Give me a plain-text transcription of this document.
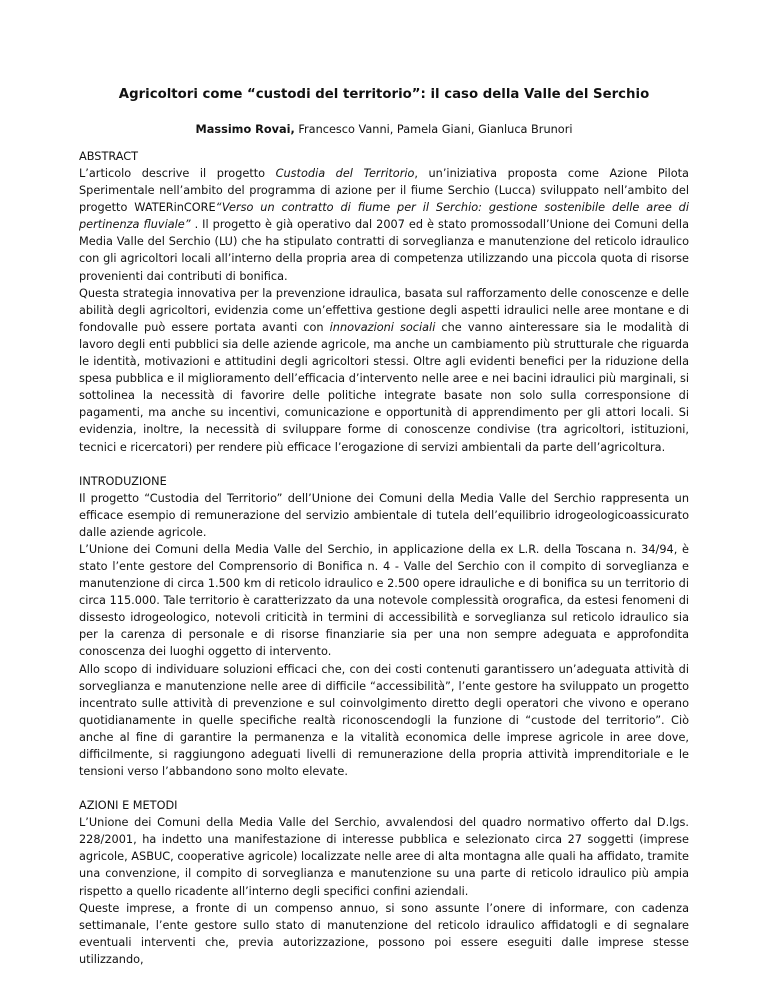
Agricoltori come “custodi del territorio”: il caso della Valle del Serchio

Massimo Rovai, Francesco Vanni, Pamela Giani, Gianluca Brunori

ABSTRACT

L’articolo descrive il progetto Custodia del Territorio, un’iniziativa proposta come Azione Pilota Sperimentale nell’ambito del programma di azione per il fiume Serchio (Lucca) sviluppato nell’ambito del progetto WATERinCORE“Verso un contratto di fiume per il Serchio: gestione sostenibile delle aree di pertinenza fluviale” . Il progetto è già operativo dal 2007 ed è stato promossodall’Unione dei Comuni della Media Valle del Serchio (LU) che ha stipulato contratti di sorveglianza e manutenzione del reticolo idraulico con gli agricoltori locali all’interno della propria area di competenza utilizzando una piccola quota di risorse provenienti dai contributi di bonifica.

Questa strategia innovativa per la prevenzione idraulica, basata sul rafforzamento delle conoscenze e delle abilità degli agricoltori, evidenzia come un’effettiva gestione degli aspetti idraulici nelle aree montane e di fondovalle può essere portata avanti con innovazioni sociali che vanno ainteressare sia le modalità di lavoro degli enti pubblici sia delle aziende agricole, ma anche un cambiamento più strutturale che riguarda le identità, motivazioni e attitudini degli agricoltori stessi. Oltre agli evidenti benefici per la riduzione della spesa pubblica e il miglioramento dell’efficacia d’intervento nelle aree e nei bacini idraulici più marginali, si sottolinea la necessità di favorire delle politiche integrate basate non solo sulla corresponsione di pagamenti, ma anche su incentivi, comunicazione e opportunità di apprendimento per gli attori locali. Si evidenzia, inoltre, la necessità di sviluppare forme di conoscenze condivise (tra agricoltori, istituzioni, tecnici e ricercatori) per rendere più efficace l’erogazione di servizi ambientali da parte dell’agricoltura.

INTRODUZIONE

Il progetto “Custodia del Territorio” dell’Unione dei Comuni della Media Valle del Serchio rappresenta un efficace esempio di remunerazione del servizio ambientale di tutela dell’equilibrio idrogeologicoassicurato dalle aziende agricole.

L’Unione dei Comuni della Media Valle del Serchio, in applicazione della ex L.R. della Toscana n. 34/94, è stato l’ente gestore del Comprensorio di Bonifica n. 4 - Valle del Serchio con il compito di sorveglianza e manutenzione di circa 1.500 km di reticolo idraulico e 2.500 opere idrauliche e di bonifica su un territorio di circa 115.000. Tale territorio è caratterizzato da una notevole complessità orografica, da estesi fenomeni di dissesto idrogeologico, notevoli criticità in termini di accessibilità e sorveglianza sul reticolo idraulico sia per la carenza di personale e di risorse finanziarie sia per una non sempre adeguata e approfondita conoscenza dei luoghi oggetto di intervento.

Allo scopo di individuare soluzioni efficaci che, con dei costi contenuti garantissero un’adeguata attività di sorveglianza e manutenzione nelle aree di difficile “accessibilità”, l’ente gestore ha sviluppato un progetto incentrato sulle attività di prevenzione e sul coinvolgimento diretto degli operatori che vivono e operano quotidianamente in quelle specifiche realtà riconoscendogli la funzione di “custode del territorio”. Ciò anche al fine di garantire la permanenza e la vitalità economica delle imprese agricole in aree dove, difficilmente, si raggiungono adeguati livelli di remunerazione della propria attività imprenditoriale e le tensioni verso l’abbandono sono molto elevate.

AZIONI E METODI

L’Unione dei Comuni della Media Valle del Serchio, avvalendosi del quadro normativo offerto dal D.lgs. 228/2001, ha indetto una manifestazione di interesse pubblica e selezionato circa 27 soggetti (imprese agricole, ASBUC, cooperative agricole) localizzate nelle aree di alta montagna alle quali ha affidato, tramite una convenzione, il compito di sorveglianza e manutenzione su una parte di reticolo idraulico più ampia rispetto a quello ricadente all’interno degli specifici confini aziendali.

Queste imprese, a fronte di un compenso annuo, si sono assunte l’onere di informare, con cadenza settimanale, l’ente gestore sullo stato di manutenzione del reticolo idraulico affidatogli e di segnalare eventuali interventi che, previa autorizzazione, possono poi essere eseguiti dalle imprese stesse utilizzando,
